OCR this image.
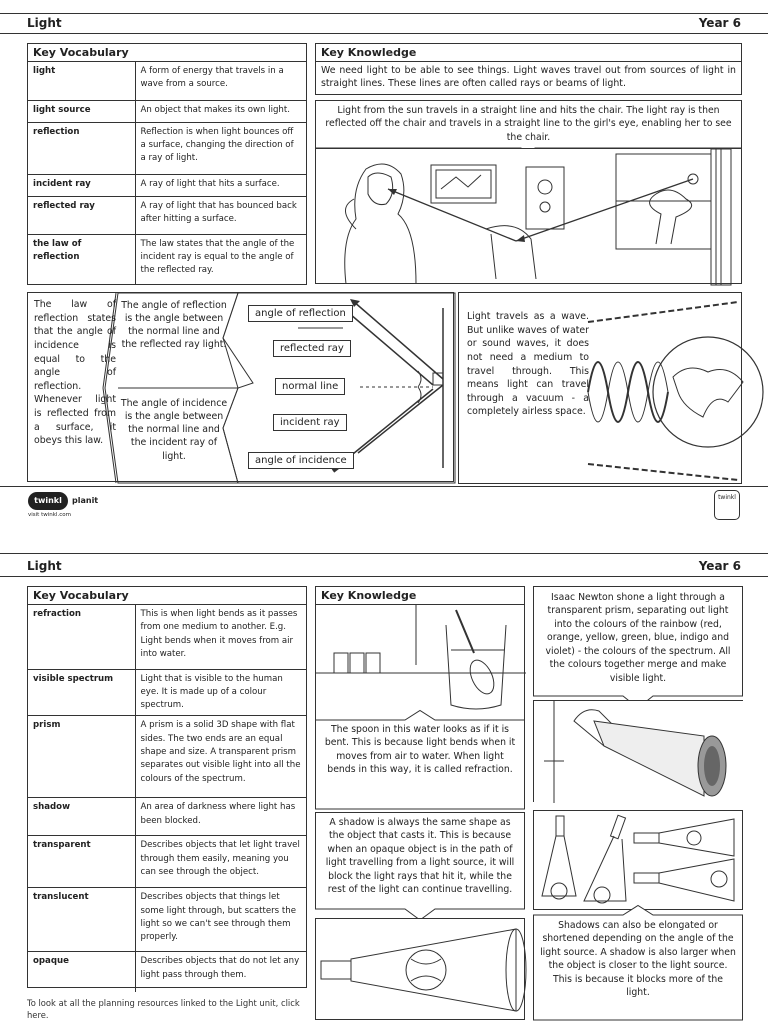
Light	Year 6
Key Vocabulary
light	A form of energy that travels in a wave from a source.
light source	An object that makes its own light.
reflection	Reflection is when light bounces off a surface, changing the direction of a ray of light.
incident ray	A ray of light that hits a surface.
reflected ray	A ray of light that has bounced back after hitting a surface.
the law of reflection	The law states that the angle of the incident ray is equal to the angle of the reflected ray.
Key Knowledge
We need light to be able to see things. Light waves travel out from sources of light in straight lines. These lines are often called rays or beams of light.
Light from the sun travels in a straight line and hits the chair. The light ray is then reflected off the chair and travels in a straight line to the girl's eye, enabling her to see the chair.
The law of reflection states that the angle of incidence is equal to the angle of reflection. Whenever light is reflected from a surface, it obeys this law.
The angle of reflection is the angle between the normal line and the reflected ray light.
The angle of incidence is the angle between the normal line and the incident ray of light.
angle of reflection
reflected ray
normal line
incident ray
angle of incidence
Light travels as a wave. But unlike waves of water or sound waves, it does not need a medium to travel through. This means light can travel through a vacuum - a completely airless space.
twinkl	planit
visit twinkl.com
twinkl
Light	Year 6
Key Vocabulary
refraction	This is when light bends as it passes from one medium to another. E.g. Light bends when it moves from air into water.
visible spectrum	Light that is visible to the human eye. It is made up of a colour spectrum.
prism	A prism is a solid 3D shape with flat sides. The two ends are an equal shape and size. A transparent prism separates out visible light into all the colours of the spectrum.
shadow	An area of darkness where light has been blocked.
transparent	Describes objects that let light travel through them easily, meaning you can see through the object.
translucent	Describes objects that things let some light through, but scatters the light so we can't see through them properly.
opaque	Describes objects that do not let any light pass through them.
To look at all the planning resources linked to the Light unit, click here.
Key Knowledge
The spoon in this water looks as if it is bent. This is because light bends when it moves from air to water. When light bends in this way, it is called refraction.
A shadow is always the same shape as the object that casts it. This is because when an opaque object is in the path of light travelling from a light source, it will block the light rays that hit it, while the rest of the light can continue travelling.
Isaac Newton shone a light through a transparent prism, separating out light into the colours of the rainbow (red, orange, yellow, green, blue, indigo and violet) - the colours of the spectrum. All the colours together merge and make visible light.
Shadows can also be elongated or shortened depending on the angle of the light source. A shadow is also larger when the object is closer to the light source. This is because it blocks more of the light.
